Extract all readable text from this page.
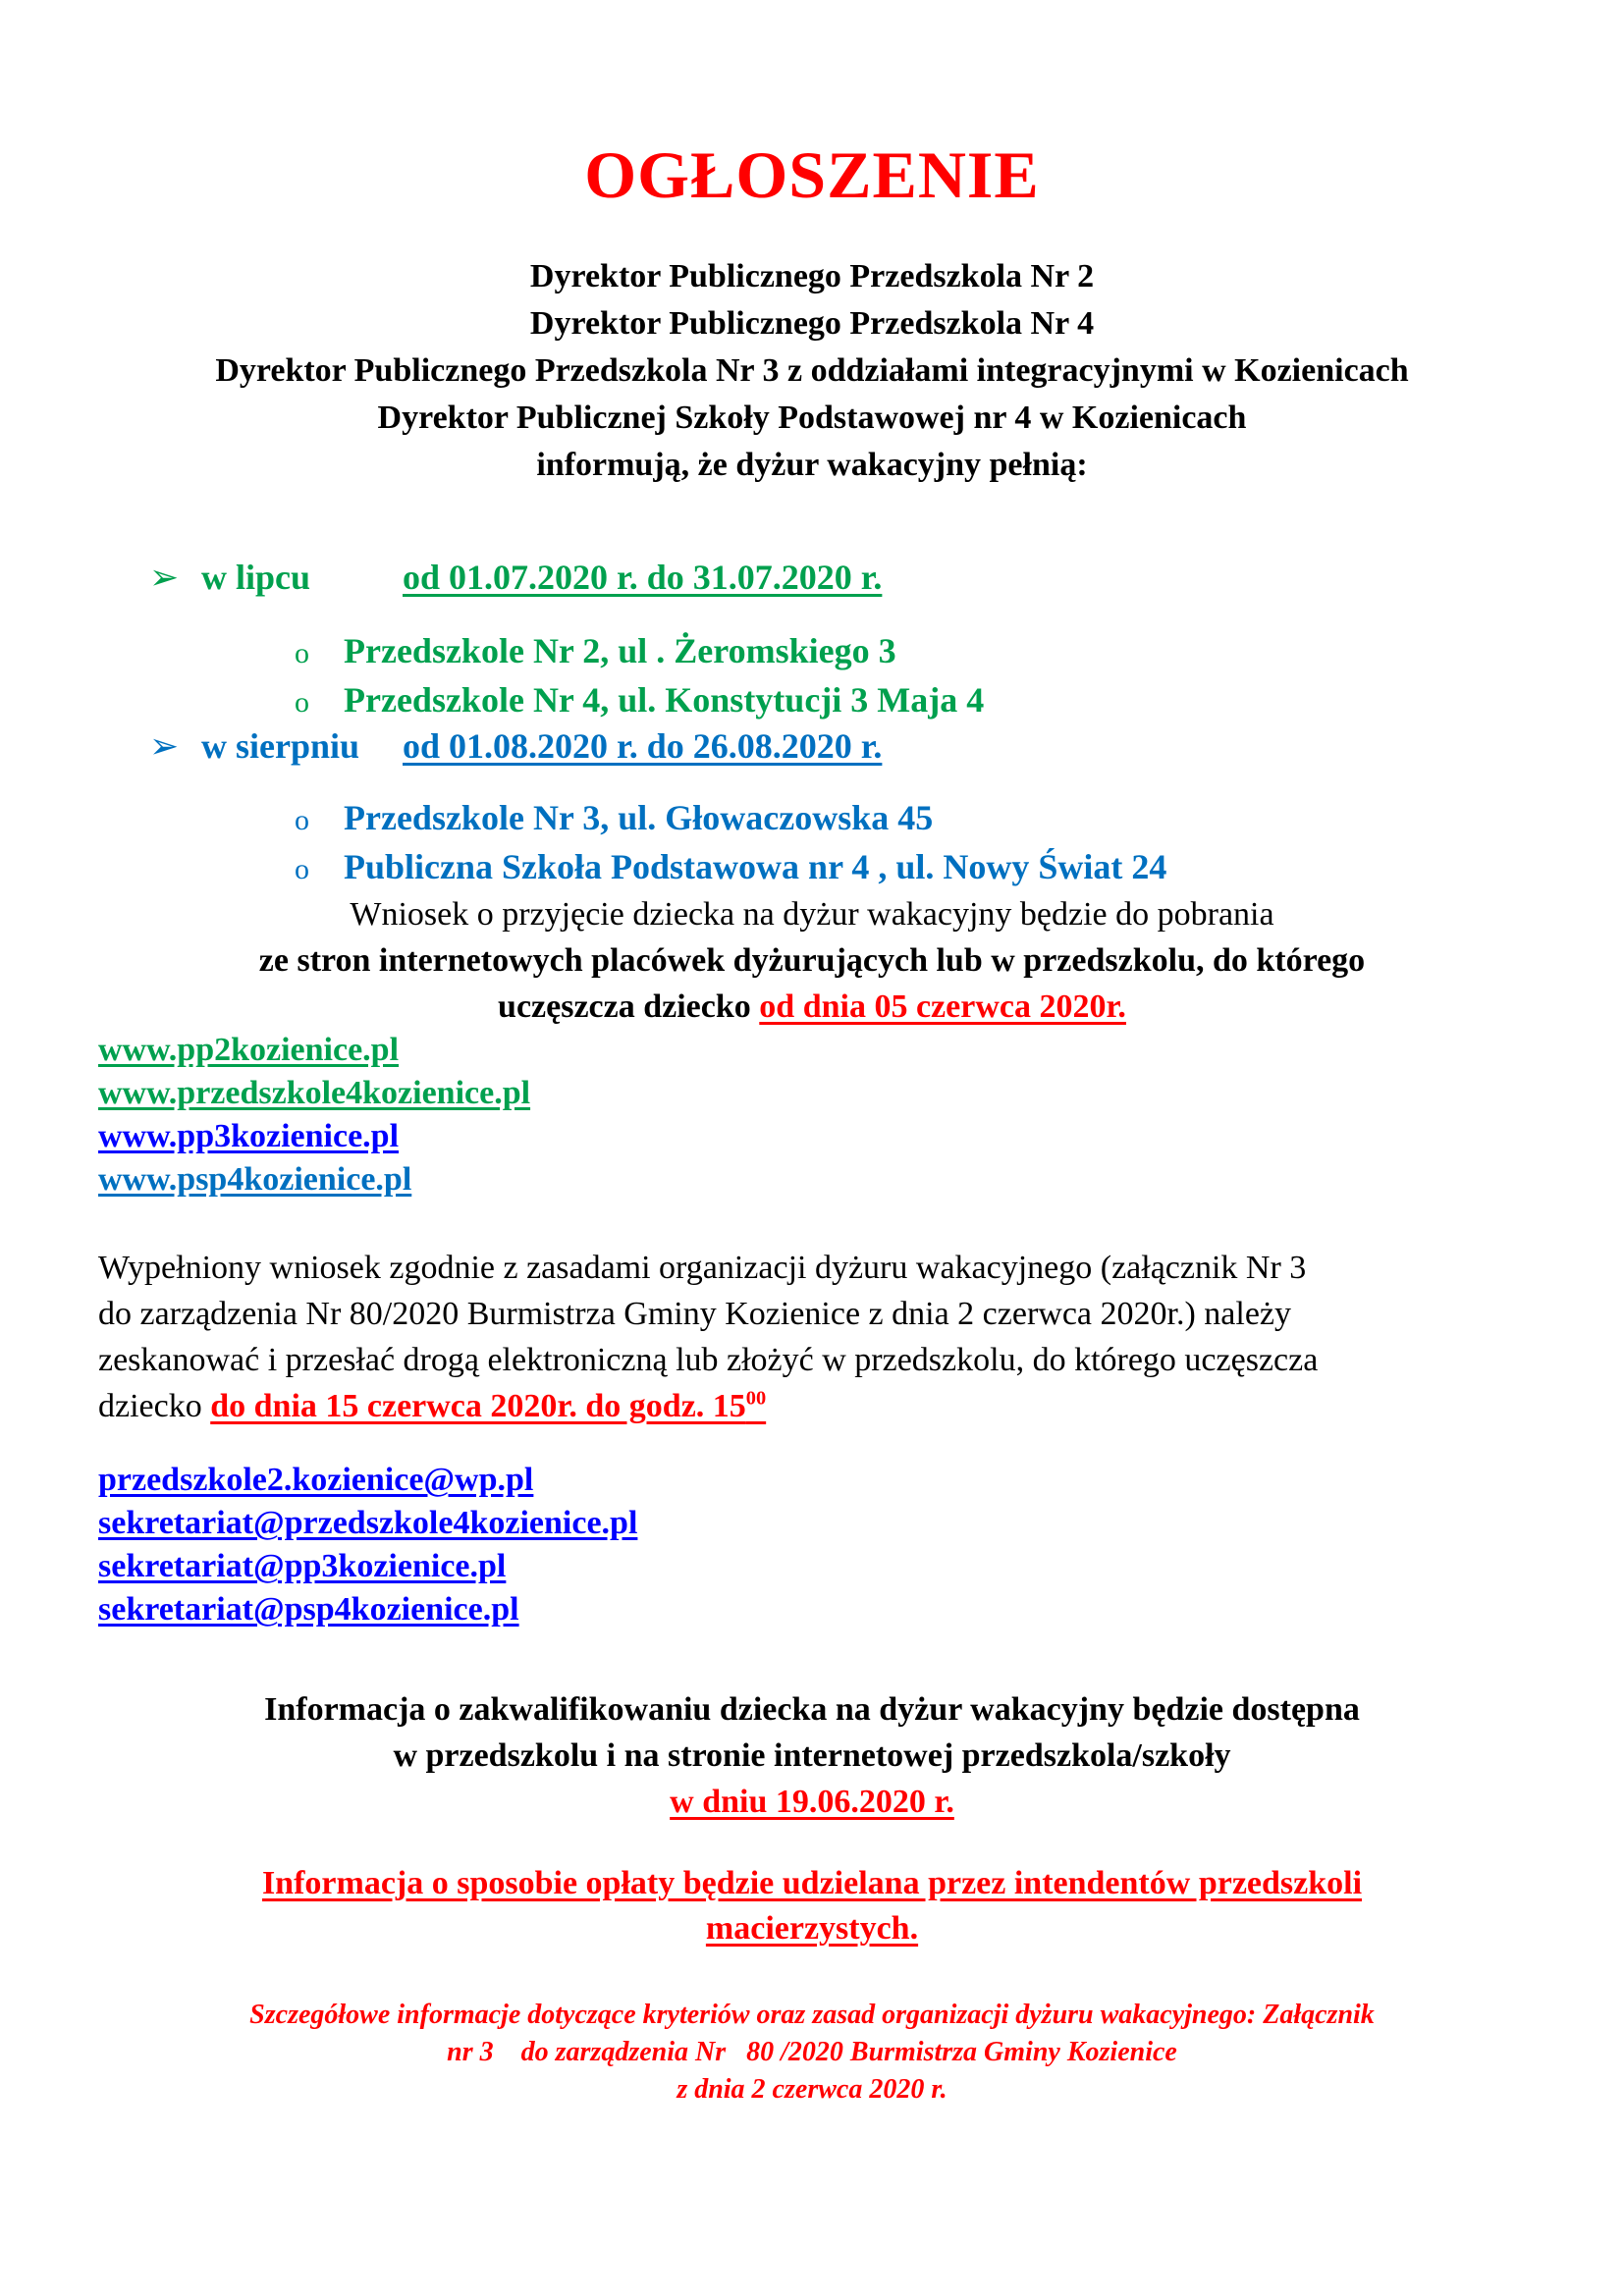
OGŁOSZENIE
Dyrektor Publicznego Przedszkola Nr 2
Dyrektor Publicznego Przedszkola Nr 4
Dyrektor Publicznego Przedszkola Nr 3 z oddziałami integracyjnymi w Kozienicach
Dyrektor Publicznej Szkoły Podstawowej nr 4 w Kozienicach
informują, że dyżur wakacyjny pełnią:
➢ w lipcu	od 01.07.2020 r. do 31.07.2020 r.
o Przedszkole Nr 2, ul . Żeromskiego 3
o Przedszkole Nr 4, ul. Konstytucji 3 Maja 4
➢ w sierpniu od 01.08.2020 r. do 26.08.2020 r.
o Przedszkole Nr 3, ul. Głowaczowska 45
o Publiczna Szkoła Podstawowa nr 4 , ul. Nowy Świat 24
Wniosek o przyjęcie dziecka na dyżur wakacyjny będzie do pobrania
ze stron internetowych placówek dyżurujących lub w przedszkolu, do którego
uczęszcza dziecko od dnia 05 czerwca 2020r.
www.pp2kozienice.pl
www.przedszkole4kozienice.pl
www.pp3kozienice.pl
www.psp4kozienice.pl
Wypełniony wniosek zgodnie z zasadami organizacji dyżuru wakacyjnego (załącznik Nr 3
do zarządzenia Nr 80/2020 Burmistrza Gminy Kozienice z dnia 2 czerwca 2020r.) należy
zeskanować i przesłać drogą elektroniczną lub złożyć w przedszkolu, do którego uczęszcza
dziecko do dnia 15 czerwca 2020r. do godz. $15^{00}$
przedszkole2.kozienice@wp.pl
sekretariat@przedszkole4kozienice.pl
sekretariat@pp3kozienice.pl
sekretariat@psp4kozienice.pl
Informacja o zakwalifikowaniu dziecka na dyżur wakacyjny będzie dostępna
w przedszkolu i na stronie internetowej przedszkola/szkoły
w dniu 19.06.2020 r.
Informacja o sposobie opłaty będzie udzielana przez intendentów przedszkoli
macierzystych.
Szczegółowe informacje dotyczące kryteriów oraz zasad organizacji dyżuru wakacyjnego: Załącznik
nr 3    do zarządzenia Nr   80 /2020 Burmistrza Gminy Kozienice
z dnia 2 czerwca 2020 r.
